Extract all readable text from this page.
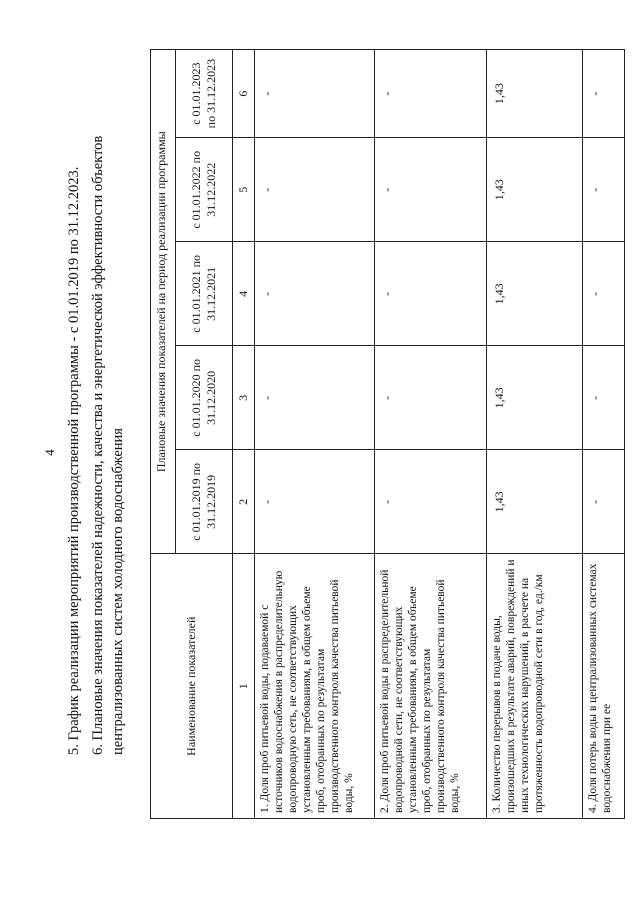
4 5. График реализации мероприятий производственной программы - с 01.01.2019 по 31.12.2023. 6. Плановые значения показателей надежности, качества и энергетической эффективности объектов централизованных систем холодного водоснабжения	Наименование показателей	Плановые значения показателей на период реализации программы				
	с 01.01.2019 по 31.12.2019	с 01.01.2020 по 31.12.2020	с 01.01.2021 по 31.12.2021	с 01.01.2022 по 31.12.2022	с 01.01.2023 по 31.12.2023
1	2	3	4	5	6
1. Доля проб питьевой воды, подаваемой с источников водоснабжения в распределительную водопроводную сеть, не соответствующих установленным требованиям, в общем объеме проб, отобранных по результатам производственного контроля качества питьевой воды, %	-	-	-	-	-
2. Доля проб питьевой воды в распределительной водопроводной сети, не соответствующих установленным требованиям, в общем объеме проб, отобранных по результатам производственного контроля качества питьевой воды, %	-	-	-	-	-
3. Количество перерывов в подаче воды, произошедших в результате аварий, повреждений и иных технологических нарушений, в расчете на протяженность водопроводной сети в год, ед./км	1,43	1,43	1,43	1,43	1,43
4. Доля потерь воды в централизованных системах водоснабжения при ее	-	-	-	-	-
